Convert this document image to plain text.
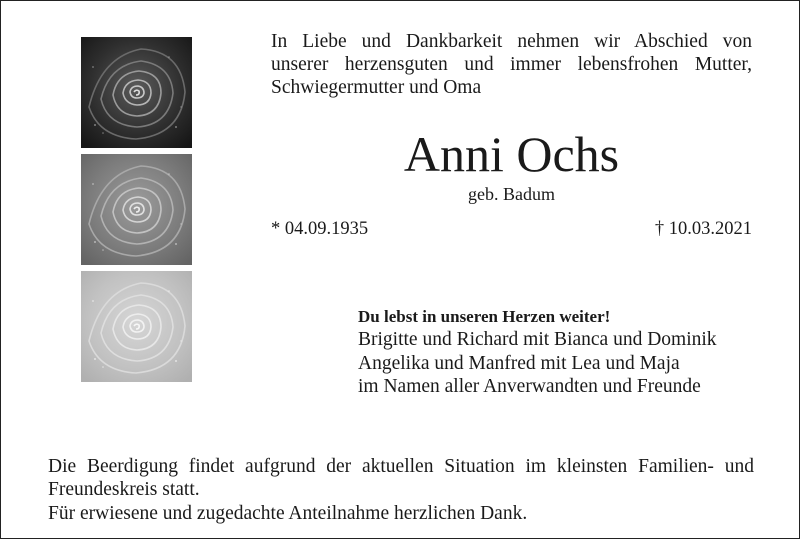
In Liebe und Dankbarkeit nehmen wir Abschied von
unserer herzensguten und immer lebensfrohen Mutter,
Schwiegermutter und Oma

Anni Ochs
geb. Badum
* 04.09.1935	† 10.03.2021
Du lebst in unseren Herzen weiter!
Brigitte und Richard mit Bianca und Dominik
Angelika und Manfred mit Lea und Maja
im Namen aller Anverwandten und Freunde
Die Beerdigung findet aufgrund der aktuellen Situation im kleinsten Familien- und
Freundeskreis statt.
Für erwiesene und zugedachte Anteilnahme herzlichen Dank.
